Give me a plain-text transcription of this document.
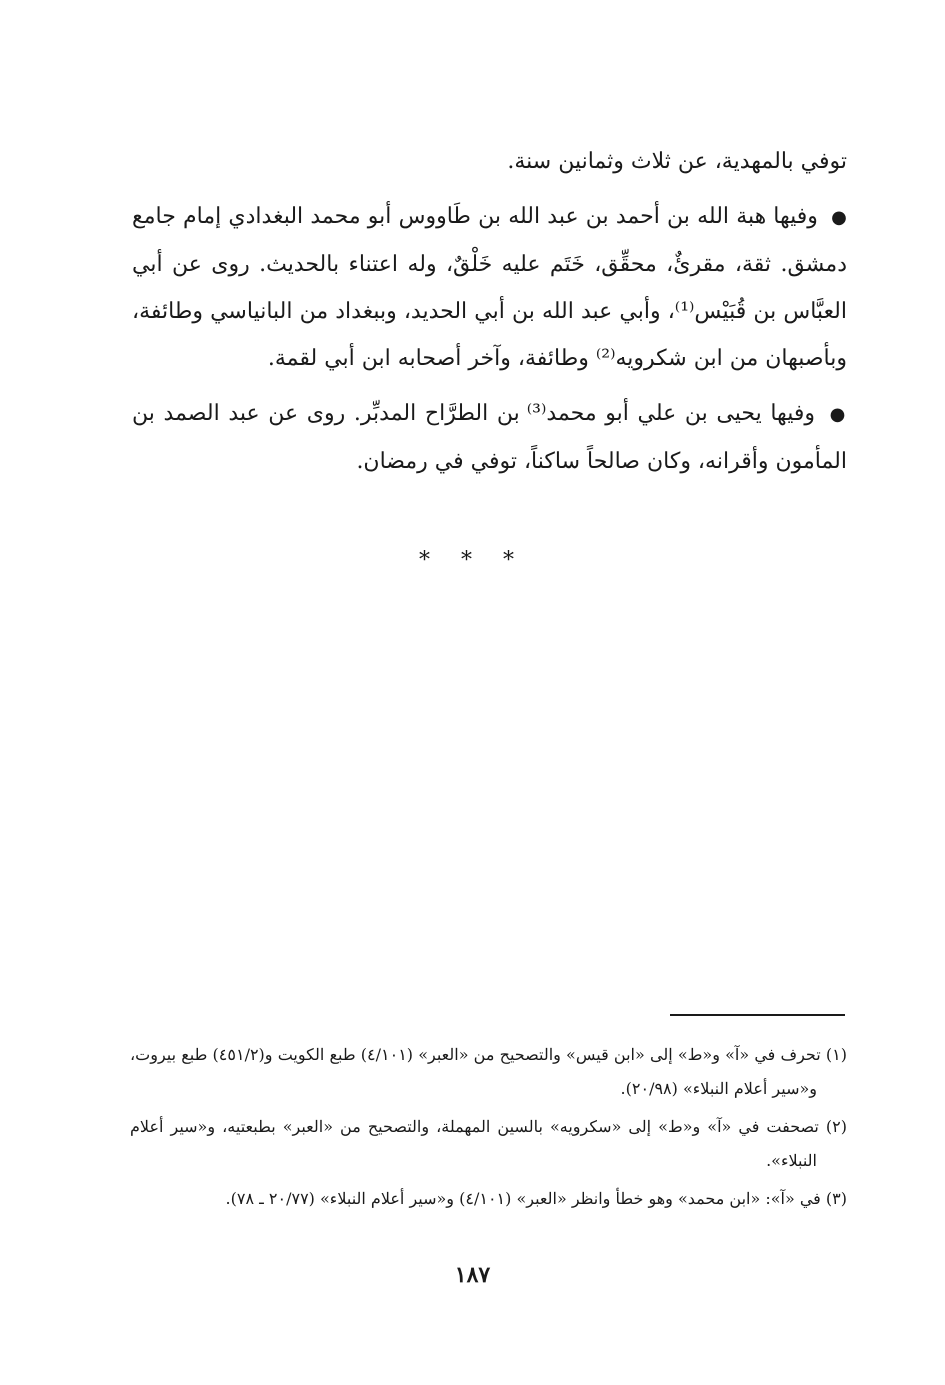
توفي بالمهدية، عن ثلاث وثمانين سنة.

● وفيها هبة الله بن أحمد بن عبد الله بن طَاووس أبو محمد البغدادي إمام جامع دمشق. ثقة، مقرئٌ، محقِّق، خَتَم عليه خَلْقٌ، وله اعتناء بالحديث. روى عن أبي العبَّاس بن قُبَيْس⁽¹⁾، وأبي عبد الله بن أبي الحديد، وببغداد من البانياسي وطائفة، وبأصبهان من ابن شكرويه⁽²⁾ وطائفة، وآخر أصحابه ابن أبي لقمة.

● وفيها يحيى بن علي أبو محمد⁽³⁾ بن الطرَّاح المدبِّر. روى عن عبد الصمد بن المأمون وأقرانه، وكان صالحاً ساكناً، توفي في رمضان.

* * *

(١) تحرف في «آ» و«ط» إلى «ابن قيس» والتصحيح من «العبر» (٤/١٠١) طبع الكويت و(٤٥١/٢) طبع بيروت، و«سير أعلام النبلاء» (٢٠/٩٨).

(٢) تصحفت في «آ» و«ط» إلى «سكرويه» بالسين المهملة، والتصحيح من «العبر» بطبعتيه، و«سير أعلام النبلاء».

(٣) في «آ»: «ابن محمد» وهو خطأ وانظر «العبر» (٤/١٠١) و«سير أعلام النبلاء» (٢٠/٧٧ ـ ٧٨).

١٨٧
